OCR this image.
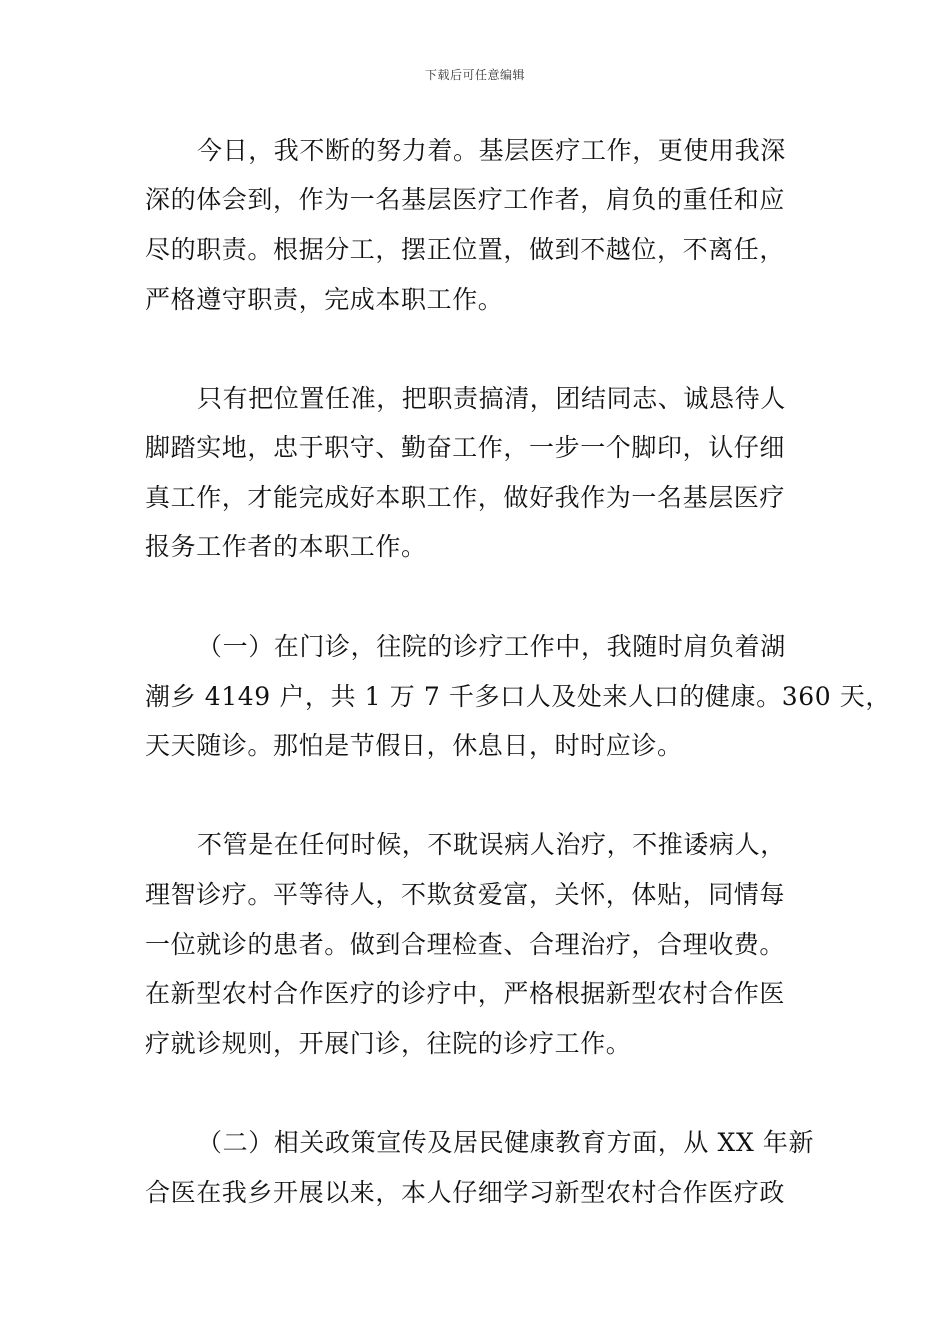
下载后可任意编辑
今日，我不断的努力着。基层医疗工作，更使用我深
深的体会到，作为一名基层医疗工作者，肩负的重任和应
尽的职责。根据分工，摆正位置，做到不越位，不离任，
严格遵守职责，完成本职工作。
只有把位置任准，把职责搞清，团结同志、诚恳待人
脚踏实地，忠于职守、勤奋工作，一步一个脚印，认仔细
真工作，才能完成好本职工作，做好我作为一名基层医疗
报务工作者的本职工作。
（一）在门诊，往院的诊疗工作中，我随时肩负着湖
潮乡 4149 户，共 1 万 7 千多口人及处来人口的健康。360 天，
天天随诊。那怕是节假日，休息日，时时应诊。
不管是在任何时候，不耽误病人治疗，不推诿病人，
理智诊疗。平等待人，不欺贫爱富，关怀，体贴，同情每
一位就诊的患者。做到合理检查、合理治疗，合理收费。
在新型农村合作医疗的诊疗中，严格根据新型农村合作医
疗就诊规则，开展门诊，往院的诊疗工作。
（二）相关政策宣传及居民健康教育方面，从 XX 年新
合医在我乡开展以来，本人仔细学习新型农村合作医疗政
